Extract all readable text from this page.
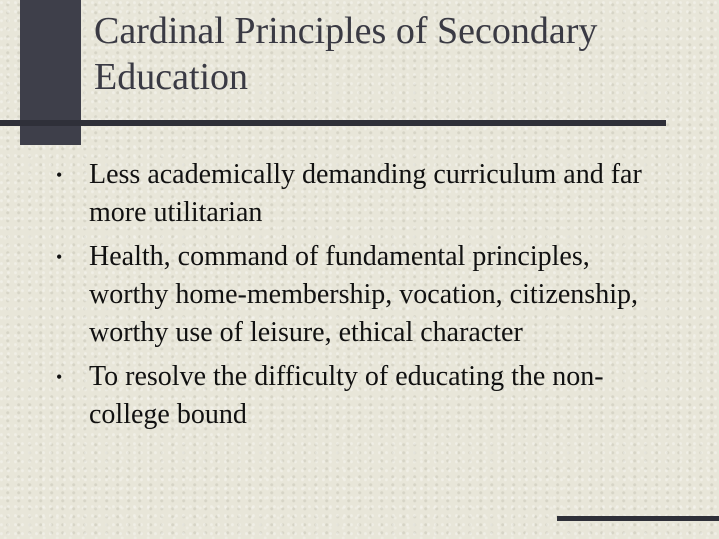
Cardinal Principles of Secondary Education
• Less academically demanding curriculum and far more utilitarian
• Health, command of fundamental principles, worthy home-membership, vocation, citizenship, worthy use of leisure, ethical character
• To resolve the difficulty of educating the non-college bound
